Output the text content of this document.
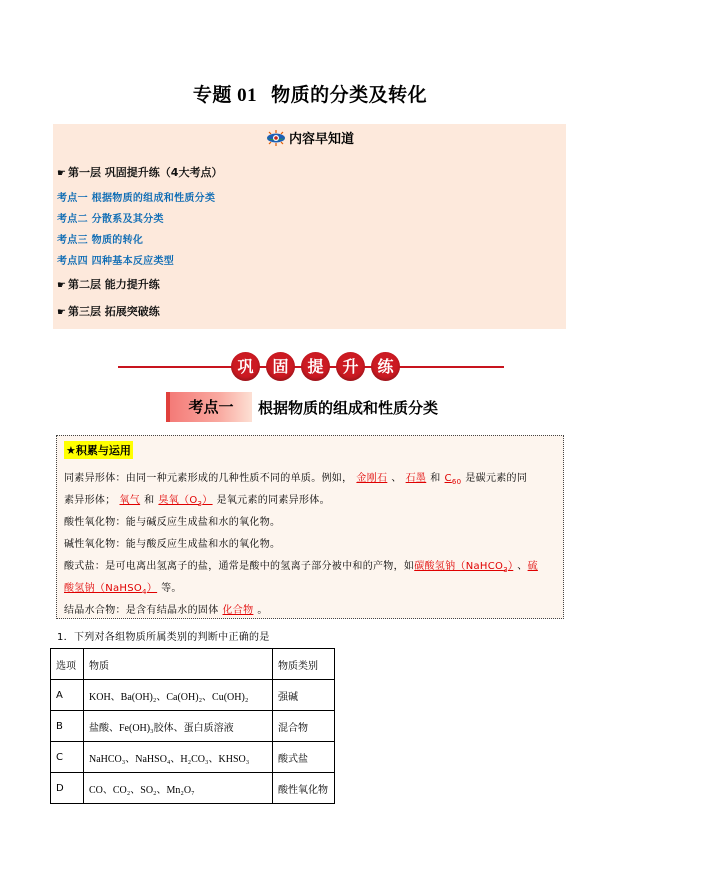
专题 01 物质的分类及转化
内容早知道
☛ 第一层 巩固提升练（4大考点）
考点一 根据物质的组成和性质分类
考点二 分散系及其分类
考点三 物质的转化
考点四 四种基本反应类型
☛ 第二层 能力提升练
☛ 第三层 拓展突破练
巩	固	提	升	练
考点一	根据物质的组成和性质分类
★积累与运用
同素异形体：由同一种元素形成的几种性质不同的单质。例如， 金刚石 、 石墨 和 $C_{60}$ 是碳元素的同
素异形体； 氧气 和 臭氧$(O_3)$ 是氧元素的同素异形体。
酸性氧化物：能与碱反应生成盐和水的氧化物。
碱性氧化物：能与酸反应生成盐和水的氧化物。
酸式盐：是可电离出氢离子的盐，通常是酸中的氢离子部分被中和的产物，如碳酸氢钠（NaHCO$_3$） 、硫
酸氢钠（NaHSO$_4$） 等。
结晶水合物：是含有结晶水的固体 化合物 。
1．下列对各组物质所属类别的判断中正确的是
选项	物质	物质类别
A	KOH、Ba(OH)₂、Ca(OH)₂、Cu(OH)₂	强碱
B	盐酸、Fe(OH)₃胶体、蛋白质溶液	混合物
C	NaHCO₃、NaHSO₄、H₂CO₃、KHSO₃	酸式盐
D	CO、CO₂、SO₂、Mn₂O₇	酸性氧化物
